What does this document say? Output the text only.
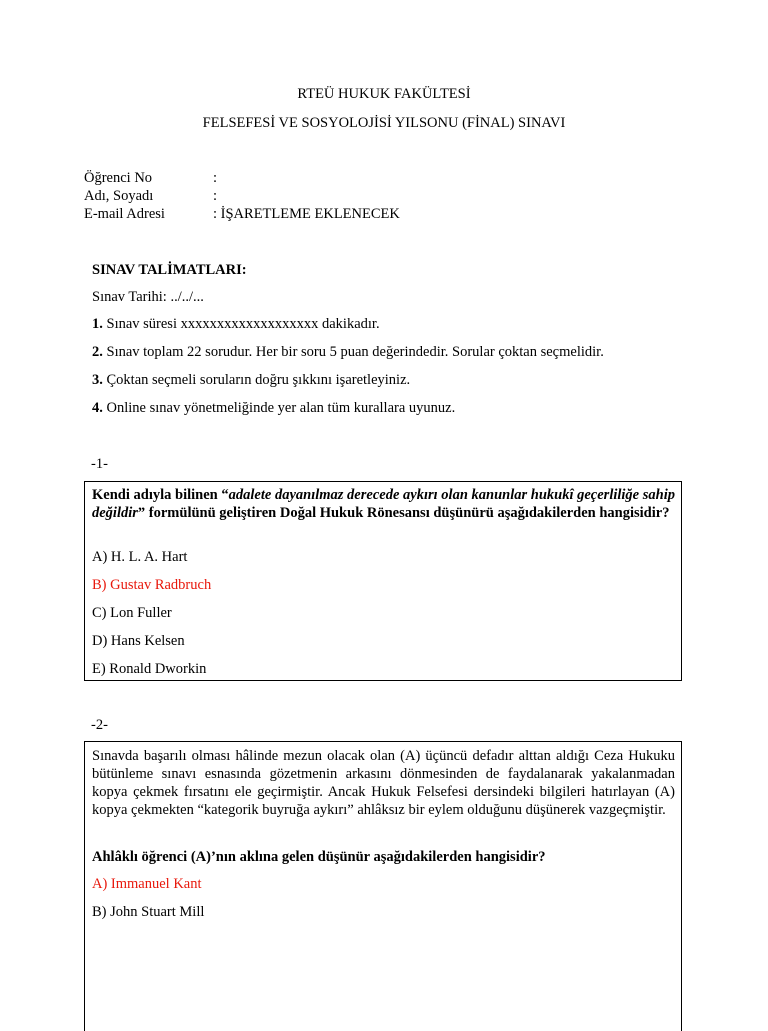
RTEÜ HUKUK FAKÜLTESİ
FELSEFESİ VE SOSYOLOJİSİ YILSONU (FİNAL) SINAVI
Öğrenci No	:
Adı, Soyadı	:
E-mail Adresi	: İŞARETLEME EKLENECEK
SINAV TALİMATLARI:
Sınav Tarihi: ../../...
1. Sınav süresi xxxxxxxxxxxxxxxxxxx dakikadır.
2. Sınav toplam 22 sorudur. Her bir soru 5 puan değerindedir. Sorular çoktan seçmelidir.
3. Çoktan seçmeli soruların doğru şıkkını işaretleyiniz.
4. Online sınav yönetmeliğinde yer alan tüm kurallara uyunuz.
-1-
Kendi adıyla bilinen “adalete dayanılmaz derecede aykırı olan kanunlar hukukî geçerliliğe sahip değildir” formülünü geliştiren Doğal Hukuk Rönesansı düşünürü aşağıdakilerden hangisidir?
A) H. L. A. Hart
B) Gustav Radbruch
C) Lon Fuller
D) Hans Kelsen
E) Ronald Dworkin
-2-
Sınavda başarılı olması hâlinde mezun olacak olan (A) üçüncü defadır alttan aldığı Ceza Hukuku bütünleme sınavı esnasında gözetmenin arkasını dönmesinden de faydalanarak yakalanmadan kopya çekmek fırsatını ele geçirmiştir. Ancak Hukuk Felsefesi dersindeki bilgileri hatırlayan (A) kopya çekmekten “kategorik buyruğa aykırı” ahlâksız bir eylem olduğunu düşünerek vazgeçmiştir.
Ahlâklı öğrenci (A)’nın aklına gelen düşünür aşağıdakilerden hangisidir?
A) Immanuel Kant
B) John Stuart Mill
